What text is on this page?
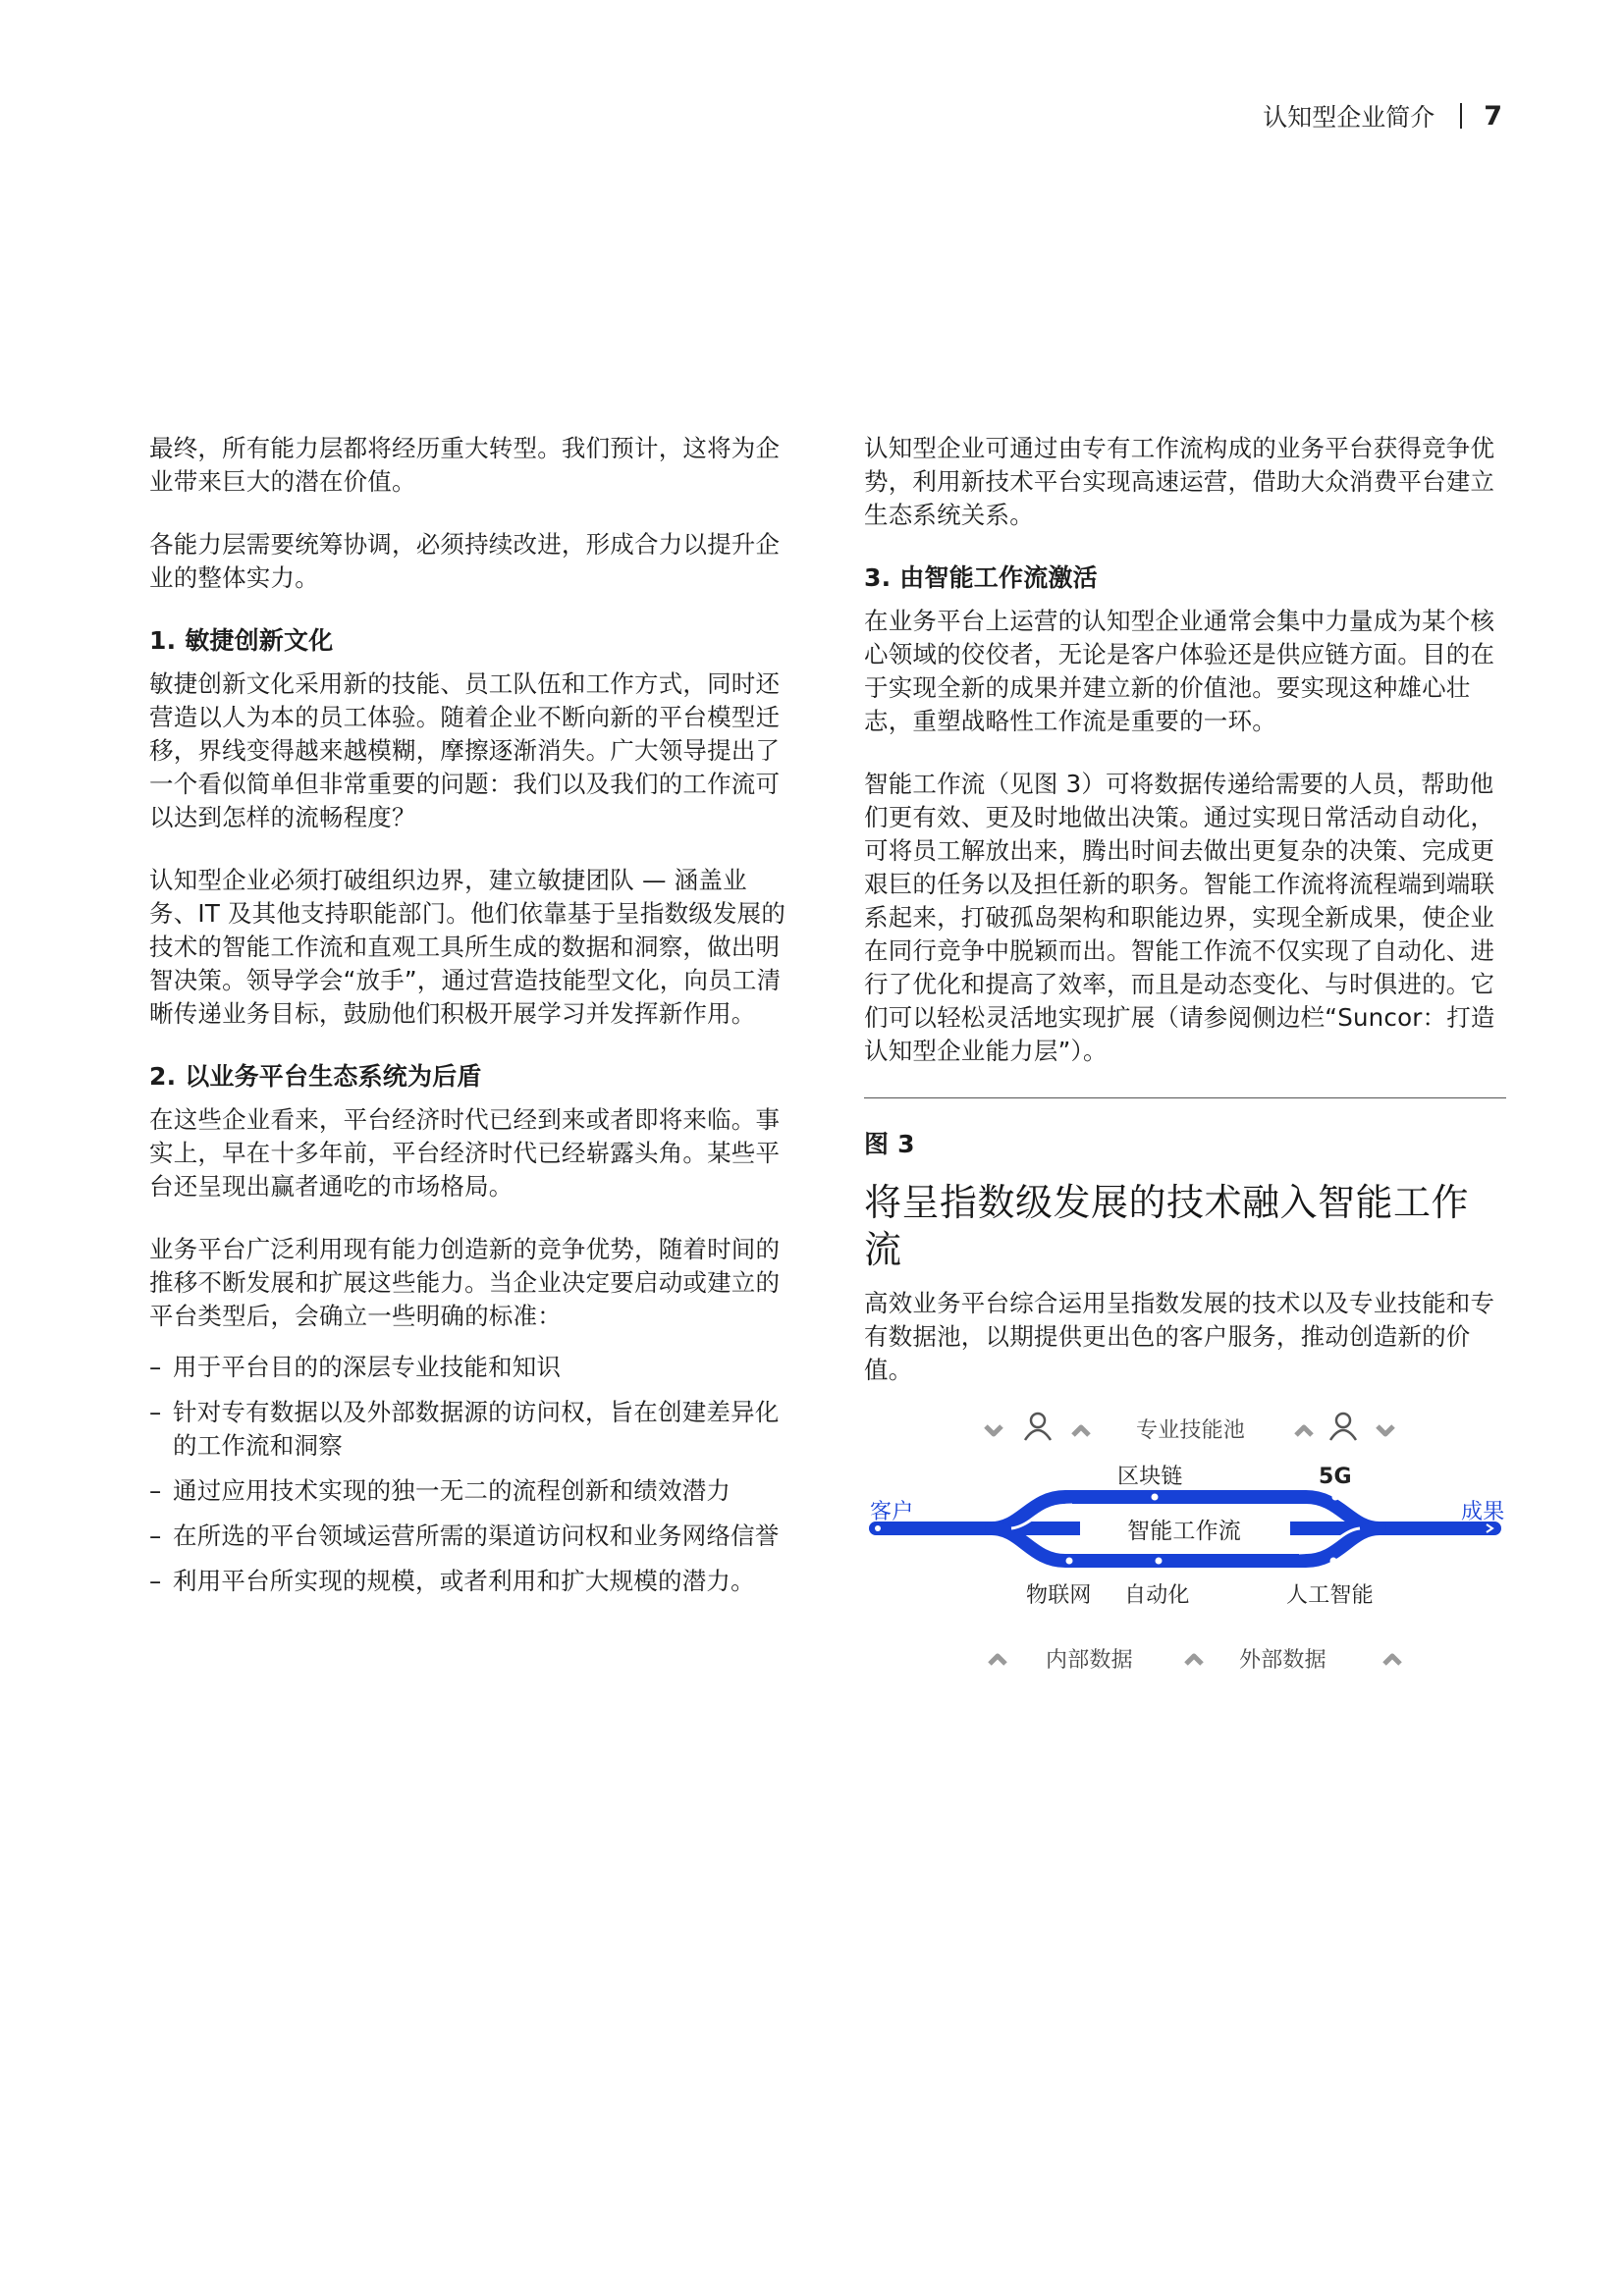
认知型企业简介 7

最终，所有能力层都将经历重大转型。我们预计，这将为企业带来巨大的潜在价值。

各能力层需要统筹协调，必须持续改进，形成合力以提升企业的整体实力。

1. 敏捷创新文化

敏捷创新文化采用新的技能、员工队伍和工作方式，同时还营造以人为本的员工体验。随着企业不断向新的平台模型迁移，界线变得越来越模糊，摩擦逐渐消失。广大领导提出了一个看似简单但非常重要的问题：我们以及我们的工作流可以达到怎样的流畅程度？

认知型企业必须打破组织边界，建立敏捷团队 — 涵盖业务、IT 及其他支持职能部门。他们依靠基于呈指数级发展的技术的智能工作流和直观工具所生成的数据和洞察，做出明智决策。领导学会“放手”，通过营造技能型文化，向员工清晰传递业务目标，鼓励他们积极开展学习并发挥新作用。

2. 以业务平台生态系统为后盾

在这些企业看来，平台经济时代已经到来或者即将来临。事实上，早在十多年前，平台经济时代已经崭露头角。某些平台还呈现出赢者通吃的市场格局。

业务平台广泛利用现有能力创造新的竞争优势，随着时间的推移不断发展和扩展这些能力。当企业决定要启动或建立的平台类型后，会确立一些明确的标准：

– 用于平台目的的深层专业技能和知识
– 针对专有数据以及外部数据源的访问权，旨在创建差异化的工作流和洞察
– 通过应用技术实现的独一无二的流程创新和绩效潜力
– 在所选的平台领域运营所需的渠道访问权和业务网络信誉
– 利用平台所实现的规模，或者利用和扩大规模的潜力。

认知型企业可通过由专有工作流构成的业务平台获得竞争优势，利用新技术平台实现高速运营，借助大众消费平台建立生态系统关系。

3. 由智能工作流激活

在业务平台上运营的认知型企业通常会集中力量成为某个核心领域的佼佼者，无论是客户体验还是供应链方面。目的在于实现全新的成果并建立新的价值池。要实现这种雄心壮志，重塑战略性工作流是重要的一环。

智能工作流（见图 3）可将数据传递给需要的人员，帮助他们更有效、更及时地做出决策。通过实现日常活动自动化，可将员工解放出来，腾出时间去做出更复杂的决策、完成更艰巨的任务以及担任新的职务。智能工作流将流程端到端联系起来，打破孤岛架构和职能边界，实现全新成果，使企业在同行竞争中脱颖而出。智能工作流不仅实现了自动化、进行了优化和提高了效率，而且是动态变化、与时俱进的。它们可以轻松灵活地实现扩展（请参阅侧边栏“Suncor：打造认知型企业能力层”）。

图 3
将呈指数级发展的技术融入智能工作流

高效业务平台综合运用呈指数发展的技术以及专业技能和专有数据池，以期提供更出色的客户服务，推动创造新的价值。

专业技能池
区块链	5G
客户	成果
智能工作流
物联网 自动化	人工智能
内部数据	外部数据
